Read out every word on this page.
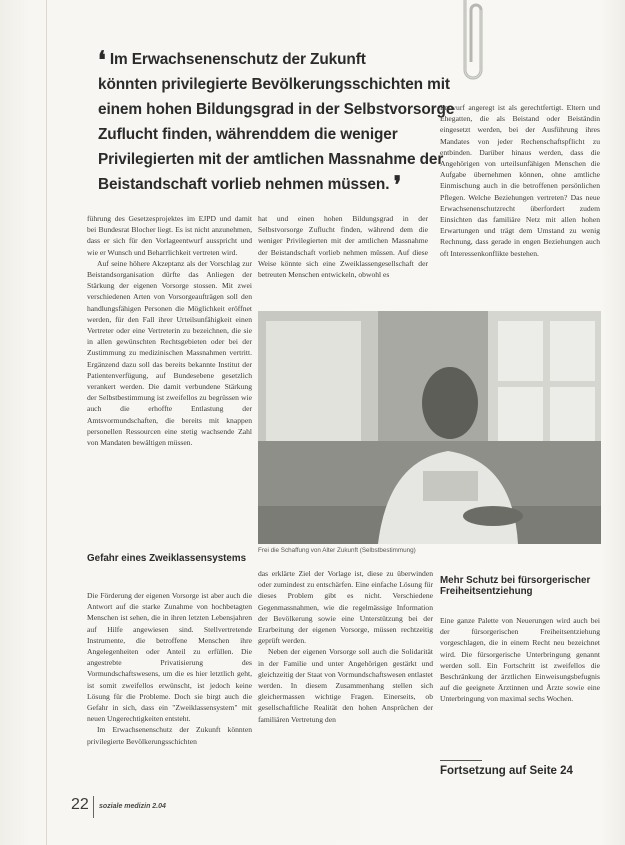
❛ Im Erwachsenenschutz der Zukunft
könnten privilegierte Bevölkerungsschichten mit
einem hohen Bildungsgrad in der Selbstvorsorge
Zuflucht finden, währenddem die weniger
Privilegierten mit der amtlichen Massnahme der
Beistandschaft vorlieb nehmen müssen. ❜

führung des Gesetzesprojektes im EJPD und damit bei Bundesrat Blocher liegt. Es ist nicht anzunehmen, dass er sich für den Vorlageentwurf ausspricht und wie er Wunsch und Beharrlichkeit vertreten wird.

Auf seine höhere Akzeptanz als der Vorschlag zur Beistandsorganisation dürfte das Anliegen der Stärkung der eigenen Vorsorge stossen. Mit zwei verschiedenen Arten von Vorsorgeaufträgen soll den handlungsfähigen Personen die Möglichkeit eröffnet werden, für den Fall ihrer Urteilsunfähigkeit einen Vertreter oder eine Vertreterin zu bezeichnen, die sie in allen gewünschten Rechtsgebieten oder bei der Zustimmung zu medizinischen Massnahmen vertritt. Ergänzend dazu soll das bereits bekannte Institut der Patientenverfügung, auf Bundesebene gesetzlich verankert werden. Die damit verbundene Stärkung der Selbstbestimmung ist zweifellos zu begrüssen wie auch die erhoffte Entlastung der Amtsvormundschaften, die bereits mit knappen personellen Ressourcen eine stetig wachsende Zahl von Mandaten bewältigen müssen.

hat und einen hohen Bildungsgrad in der Selbstvorsorge Zuflucht finden, während dem die weniger Privilegierten mit der amtlichen Massnahme der Beistandschaft vorlieb nehmen müssen. Auf diese Weise könnte sich eine Zweiklassengesellschaft der betreuten Menschen entwickeln, obwohl es

Entwurf angeregt ist als gerechtfertigt. Eltern und Ehegatten, die als Beistand oder Beiständin eingesetzt werden, bei der Ausführung ihres Mandates von jeder Rechenschaftspflicht zu entbinden. Darüber hinaus werden, dass die Angehörigen von urteilsunfähigen Menschen die Aufgabe übernehmen können, ohne amtliche Einmischung auch in die betroffenen persönlichen Pflegen. Welche Beziehungen vertreten? Das neue Erwachsenenschutzrecht überfordert zudem Einsichten das familiäre Netz mit allen hohen Erwartungen und trägt dem Umstand zu wenig Rechnung, dass gerade in engen Beziehungen auch oft Interessenkonflikte bestehen.

Frei die Schaffung von Alter Zukunft (Selbstbestimmung)
Gefahr eines Zweiklassensystems

Die Förderung der eigenen Vorsorge ist aber auch die Antwort auf die starke Zunahme von hochbetagten Menschen ist sehen, die in ihren letzten Lebensjahren auf Hilfe angewiesen sind. Stellvertretende Instrumente, die betroffene Menschen ihre Angelegenheiten oder Anteil zu erfüllen. Die angestrebte Privatisierung des Vormundschaftswesens, um die es hier letztlich geht, ist somit zweifellos erwünscht, ist jedoch keine Lösung für die Probleme. Doch sie birgt auch die Gefahr in sich, dass ein "Zweiklassensystem" mit neuen Ungerechtigkeiten entsteht.

Im Erwachsenenschutz der Zukunft könnten privilegierte Bevölkerungsschichten

das erklärte Ziel der Vorlage ist, diese zu überwinden oder zumindest zu entschärfen. Eine einfache Lösung für dieses Problem gibt es nicht. Verschiedene Gegenmassnahmen, wie die regelmässige Information der Bevölkerung sowie eine Unterstützung bei der Erarbeitung der eigenen Vorsorge, müssen rechtzeitig geprüft werden.

Neben der eigenen Vorsorge soll auch die Solidarität in der Familie und unter Angehörigen gestärkt und gleichzeitig der Staat von Vormundschaftswesen entlastet werden. In diesem Zusammenhang stellen sich gleichermassen wichtige Fragen. Einerseits, ob gesellschaftliche Realität den hohen Ansprüchen der familiären Vertretung den

Mehr Schutz bei fürsorgerischer Freiheitsentziehung

Eine ganze Palette von Neuerungen wird auch bei der fürsorgerischen Freiheitsentziehung vorgeschlagen, die in einem Recht neu bezeichnet wird. Die fürsorgerische Unterbringung genannt werden soll. Ein Fortschritt ist zweifellos die Beschränkung der ärztlichen Einweisungsbefugnis auf die geeignete Ärztinnen und Ärzte sowie eine Unterbringung von maximal sechs Wochen.

Fortsetzung auf Seite 24
22 soziale medizin 2.04
